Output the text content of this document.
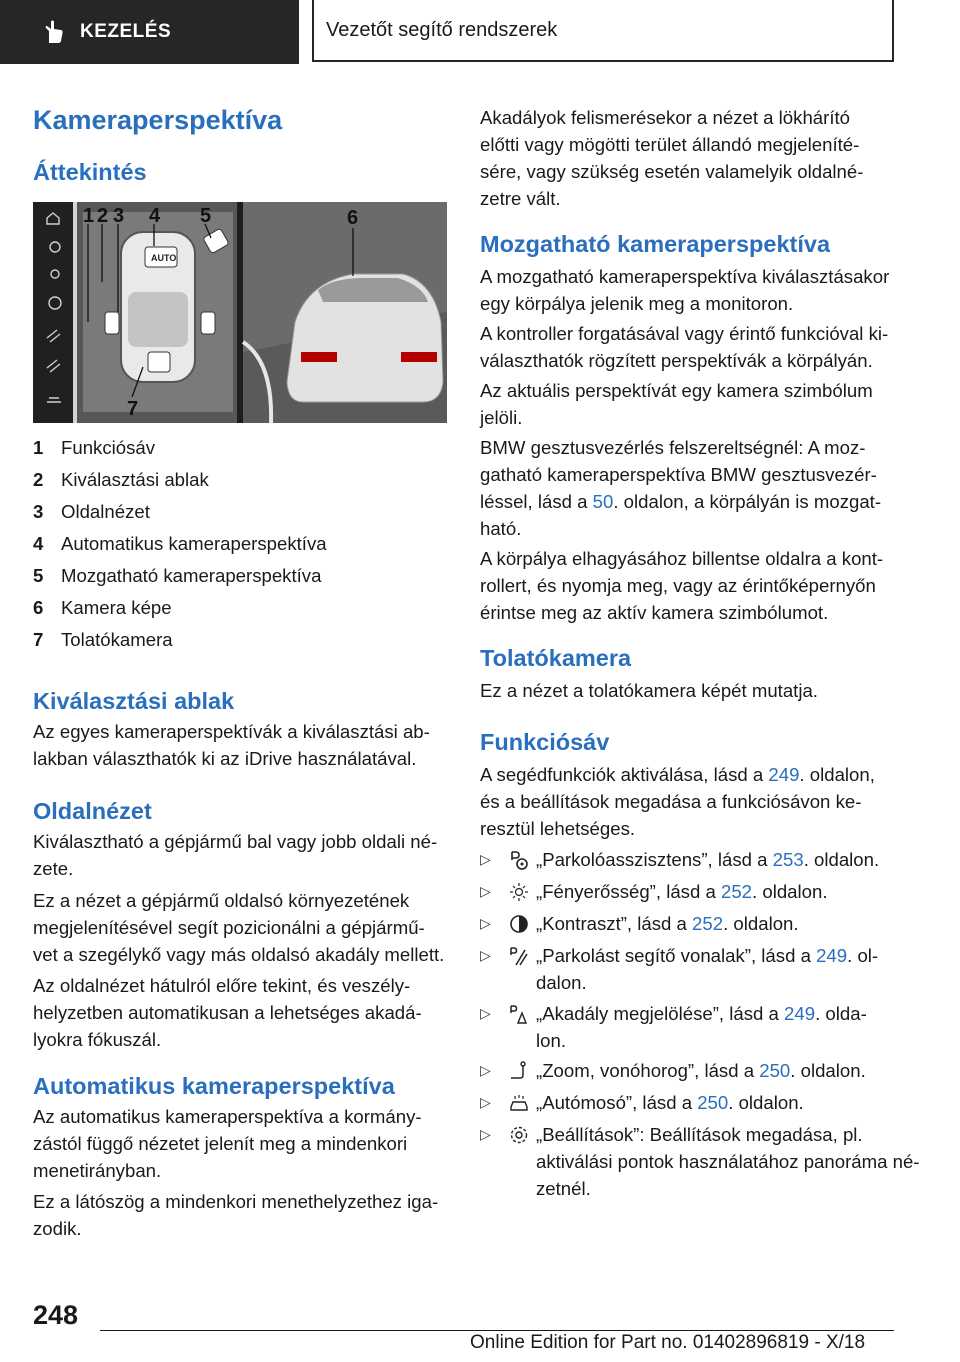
KEZELÉS	Vezetőt segítő rendszerek
Kameraperspektíva
Áttekintés
AUTO
1 2 3 4 5	6
7
1 Funkciósáv
2 Kiválasztási ablak
3 Oldalnézet
4 Automatikus kameraperspektíva
5 Mozgatható kameraperspektíva
6 Kamera képe
7 Tolatókamera
Kiválasztási ablak
Az egyes kameraperspektívák a kiválasztási ab-
lakban választhatók ki az iDrive használatával.
Oldalnézet
Kiválasztható a gépjármű bal vagy jobb oldali né-
zete.
Ez a nézet a gépjármű oldalsó környezetének
megjelenítésével segít pozicionálni a gépjármű-
vet a szegélykő vagy más oldalsó akadály mellett.
Az oldalnézet hátulról előre tekint, és veszély-
helyzetben automatikusan a lehetséges akadá-
lyokra fókuszál.
Automatikus kameraperspektíva
Az automatikus kameraperspektíva a kormány-
zástól függő nézetet jelenít meg a mindenkori
menetirányban.
Ez a látószög a mindenkori menethelyzethez iga-
zodik.
Akadályok felismerésekor a nézet a lökhárító
előtti vagy mögötti terület állandó megjeleníté-
sére, vagy szükség esetén valamelyik oldalné-
zetre vált.
Mozgatható kameraperspektíva
A mozgatható kameraperspektíva kiválasztásakor
egy körpálya jelenik meg a monitoron.
A kontroller forgatásával vagy érintő funkcióval ki-
választhatók rögzített perspektívák a körpályán.
Az aktuális perspektívát egy kamera szimbólum
jelöli.
BMW gesztusvezérlés felszereltségnél: A moz-
gatható kameraperspektíva BMW gesztusvezér-
léssel, lásd a 50. oldalon, a körpályán is mozgat-
ható.
A körpálya elhagyásához billentse oldalra a kont-
rollert, és nyomja meg, vagy az érintőképernyőn
érintse meg az aktív kamera szimbólumot.
Tolatókamera
Ez a nézet a tolatókamera képét mutatja.
Funkciósáv
A segédfunkciók aktiválása, lásd a 249. oldalon,
és a beállítások megadása a funkciósávon ke-
resztül lehetséges.
▷ „Parkolóasszisztens”, lásd a 253. oldalon.
▷ „Fényerősség”, lásd a 252. oldalon.
▷ „Kontraszt”, lásd a 252. oldalon.
▷ „Parkolást segítő vonalak”, lásd a 249. ol-
dalon.
▷ „Akadály megjelölése”, lásd a 249. olda-
lon.
▷ „Zoom, vonóhorog”, lásd a 250. oldalon.
▷ „Autómosó”, lásd a 250. oldalon.
▷ „Beállítások”: Beállítások megadása, pl.
aktiválási pontok használatához panoráma né-
zetnél.
248
Online Edition for Part no. 01402896819 - X/18
